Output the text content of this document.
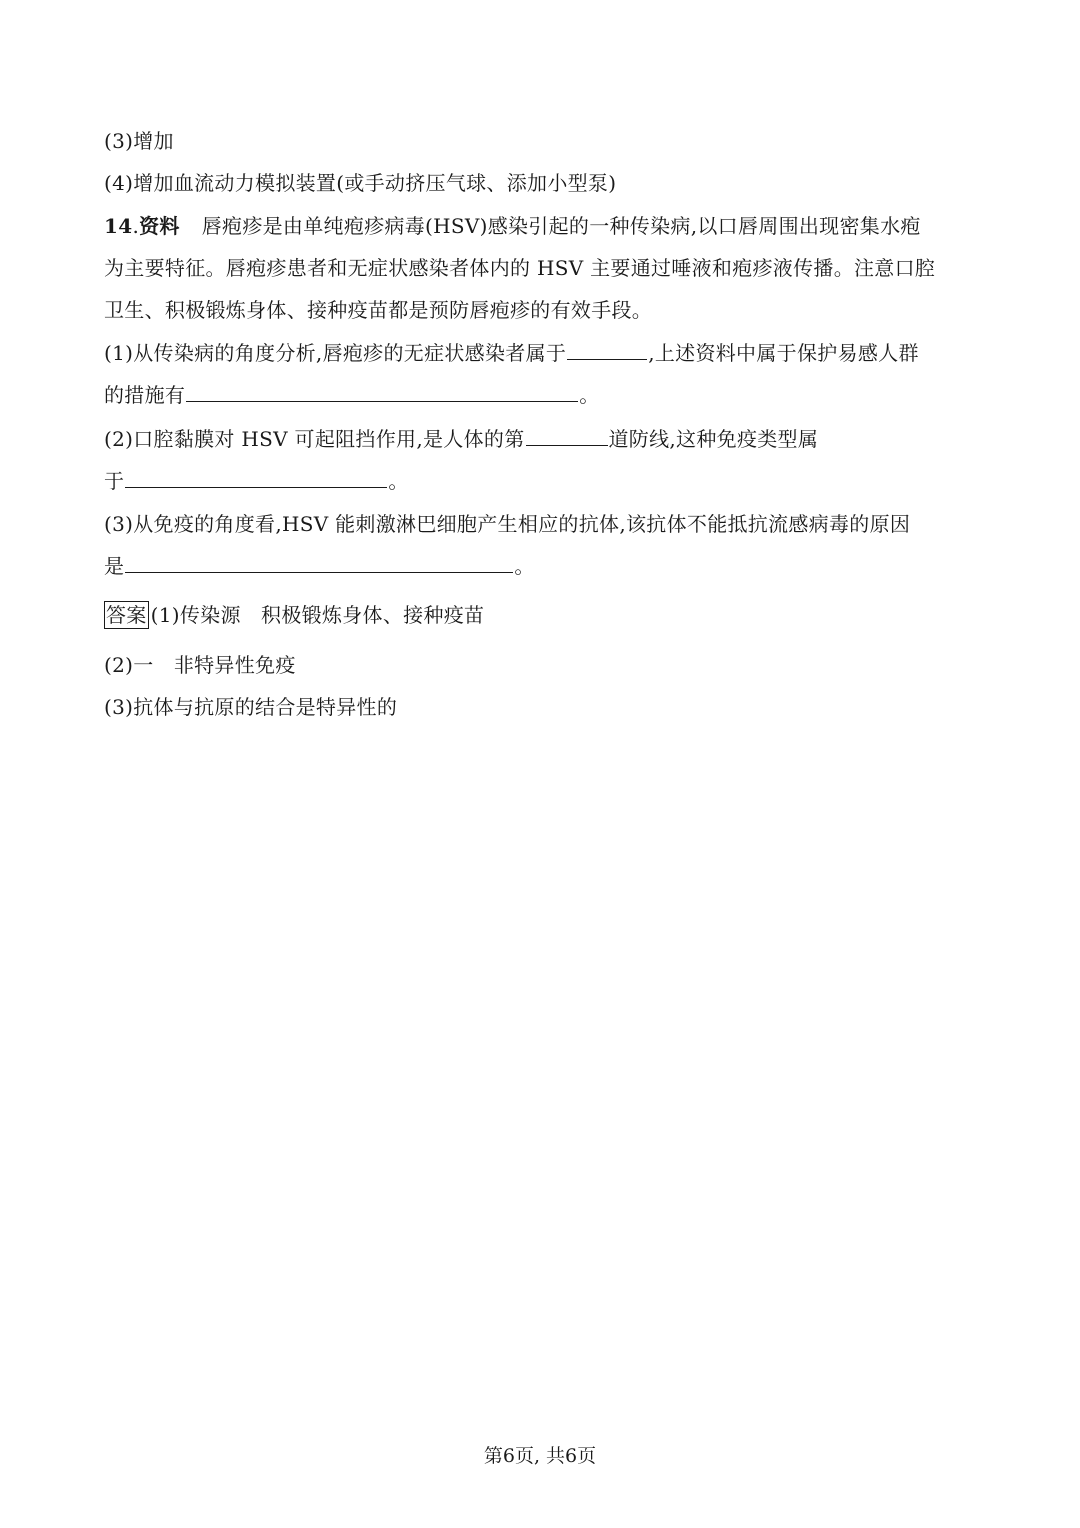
(3)增加
(4)增加血流动力模拟装置(或手动挤压气球、添加小型泵)
14.资料 唇疱疹是由单纯疱疹病毒(HSV)感染引起的一种传染病,以口唇周围出现密集水疱
为主要特征。唇疱疹患者和无症状感染者体内的 HSV 主要通过唾液和疱疹液传播。注意口腔
卫生、积极锻炼身体、接种疫苗都是预防唇疱疹的有效手段。
(1)从传染病的角度分析,唇疱疹的无症状感染者属于	,上述资料中属于保护易感人群
的措施有	。
(2)口腔黏膜对 HSV 可起阻挡作用,是人体的第	道防线,这种免疫类型属
于	。
(3)从免疫的角度看,HSV 能刺激淋巴细胞产生相应的抗体,该抗体不能抵抗流感病毒的原因
是	。
答案 (1)传染源　积极锻炼身体、接种疫苗
(2)一　非特异性免疫
(3)抗体与抗原的结合是特异性的
第6页, 共6页
